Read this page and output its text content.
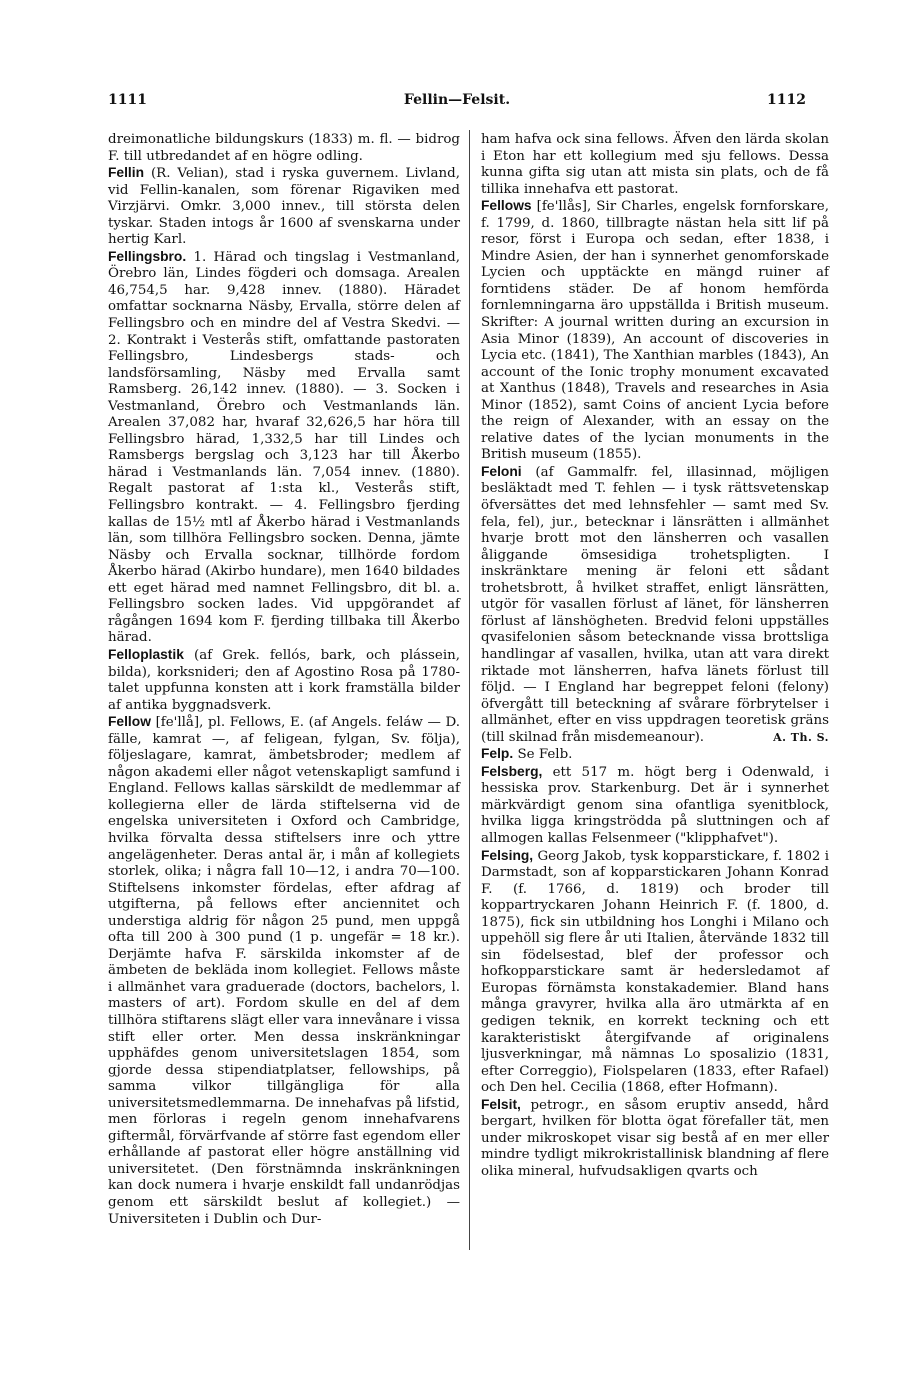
1111	Fellin—Felsit.	1112

dreimonatliche bildungskurs (1833) m. fl. — bidrog F. till utbredandet af en högre odling.

Fellin (R. Velian), stad i ryska guvernem. Livland, vid Fellin-kanalen, som förenar Rigaviken med Virzjärvi. Omkr. 3,000 innev., till största delen tyskar. Staden intogs år 1600 af svenskarna under hertig Karl.

Fellingsbro. 1. Härad och tingslag i Vestmanland, Örebro län, Lindes fögderi och domsaga. Arealen 46,754,5 har. 9,428 innev. (1880). Häradet omfattar socknarna Näsby, Ervalla, större delen af Fellingsbro och en mindre del af Vestra Skedvi. — 2. Kontrakt i Vesterås stift, omfattande pastoraten Fellingsbro, Lindesbergs stads- och landsförsamling, Näsby med Ervalla samt Ramsberg. 26,142 innev. (1880). — 3. Socken i Vestmanland, Örebro och Vestmanlands län. Arealen 37,082 har, hvaraf 32,626,5 har höra till Fellingsbro härad, 1,332,5 har till Lindes och Ramsbergs bergslag och 3,123 har till Åkerbo härad i Vestmanlands län. 7,054 innev. (1880). Regalt pastorat af 1:sta kl., Vesterås stift, Fellingsbro kontrakt. — 4. Fellingsbro fjerding kallas de 15½ mtl af Åkerbo härad i Vestmanlands län, som tillhöra Fellingsbro socken. Denna, jämte Näsby och Ervalla socknar, tillhörde fordom Åkerbo härad (Akirbo hundare), men 1640 bildades ett eget härad med namnet Fellingsbro, dit bl. a. Fellingsbro socken lades. Vid uppgörandet af rågången 1694 kom F. fjerding tillbaka till Åkerbo härad.

Felloplastik (af Grek. fellós, bark, och plássein, bilda), korksnideri; den af Agostino Rosa på 1780-talet uppfunna konsten att i kork framställa bilder af antika byggnadsverk.

Fellow [fe'llå], pl. Fellows, E. (af Angels. feláw — D. fälle, kamrat —, af feligean, fylgan, Sv. följa), följeslagare, kamrat, ämbetsbroder; medlem af någon akademi eller något vetenskapligt samfund i England. Fellows kallas särskildt de medlemmar af kollegierna eller de lärda stiftelserna vid de engelska universiteten i Oxford och Cambridge, hvilka förvalta dessa stiftelsers inre och yttre angelägenheter. Deras antal är, i mån af kollegiets storlek, olika; i några fall 10—12, i andra 70—100. Stiftelsens inkomster fördelas, efter afdrag af utgifterna, på fellows efter anciennitet och understiga aldrig för någon 25 pund, men uppgå ofta till 200 à 300 pund (1 p. ungefär = 18 kr.). Derjämte hafva F. särskilda inkomster af de ämbeten de bekläda inom kollegiet. Fellows måste i allmänhet vara graduerade (doctors, bachelors, l. masters of art). Fordom skulle en del af dem tillhöra stiftarens slägt eller vara innevånare i vissa stift eller orter. Men dessa inskränkningar upphäfdes genom universitetslagen 1854, som gjorde dessa stipendiatplatser, fellowships, på samma vilkor tillgängliga för alla universitetsmedlemmarna. De innehafvas på lifstid, men förloras i regeln genom innehafvarens giftermål, förvärfvande af större fast egendom eller erhållande af pastorat eller högre anställning vid universitetet. (Den förstnämnda inskränkningen kan dock numera i hvarje enskildt fall undanrödjas genom ett särskildt beslut af kollegiet.) — Universiteten i Dublin och Dur-

ham hafva ock sina fellows. Äfven den lärda skolan i Eton har ett kollegium med sju fellows. Dessa kunna gifta sig utan att mista sin plats, och de få tillika innehafva ett pastorat.

Fellows [fe'llås], Sir Charles, engelsk fornforskare, f. 1799, d. 1860, tillbragte nästan hela sitt lif på resor, först i Europa och sedan, efter 1838, i Mindre Asien, der han i synnerhet genomforskade Lycien och upptäckte en mängd ruiner af forntidens städer. De af honom hemförda fornlemningarna äro uppställda i British museum. Skrifter: A journal written during an excursion in Asia Minor (1839), An account of discoveries in Lycia etc. (1841), The Xanthian marbles (1843), An account of the Ionic trophy monument excavated at Xanthus (1848), Travels and researches in Asia Minor (1852), samt Coins of ancient Lycia before the reign of Alexander, with an essay on the relative dates of the lycian monuments in the British museum (1855).

Feloni (af Gammalfr. fel, illasinnad, möjligen besläktadt med T. fehlen — i tysk rättsvetenskap öfversättes det med lehnsfehler — samt med Sv. fela, fel), jur., betecknar i länsrätten i allmänhet hvarje brott mot den länsherren och vasallen åliggande ömsesidiga trohetspligten. I inskränktare mening är feloni ett sådant trohetsbrott, å hvilket straffet, enligt länsrätten, utgör för vasallen förlust af länet, för länsherren förlust af länshögheten. Bredvid feloni uppställes qvasifelonien såsom betecknande vissa brottsliga handlingar af vasallen, hvilka, utan att vara direkt riktade mot länsherren, hafva länets förlust till följd. — I England har begreppet feloni (felony) öfvergått till beteckning af svårare förbrytelser i allmänhet, efter en viss uppdragen teoretisk gräns (till skilnad från misdemeanour).	A. Th. S.

Felp. Se Felb.

Felsberg, ett 517 m. högt berg i Odenwald, i hessiska prov. Starkenburg. Det är i synnerhet märkvärdigt genom sina ofantliga syenitblock, hvilka ligga kringströdda på sluttningen och af allmogen kallas Felsenmeer ("klipphafvet").

Felsing, Georg Jakob, tysk kopparstickare, f. 1802 i Darmstadt, son af kopparstickaren Johann Konrad F. (f. 1766, d. 1819) och broder till koppartryckaren Johann Heinrich F. (f. 1800, d. 1875), fick sin utbildning hos Longhi i Milano och uppehöll sig flere år uti Italien, återvände 1832 till sin födelsestad, blef der professor och hofkopparstickare samt är hedersledamot af Europas förnämsta konstakademier. Bland hans många gravyrer, hvilka alla äro utmärkta af en gedigen teknik, en korrekt teckning och ett karakteristiskt återgifvande af originalens ljusverkningar, må nämnas Lo sposalizio (1831, efter Correggio), Fiolspelaren (1833, efter Rafael) och Den hel. Cecilia (1868, efter Hofmann).

Felsit, petrogr., en såsom eruptiv ansedd, hård bergart, hvilken för blotta ögat förefaller tät, men under mikroskopet visar sig bestå af en mer eller mindre tydligt mikrokristallinisk blandning af flere olika mineral, hufvudsakligen qvarts och
